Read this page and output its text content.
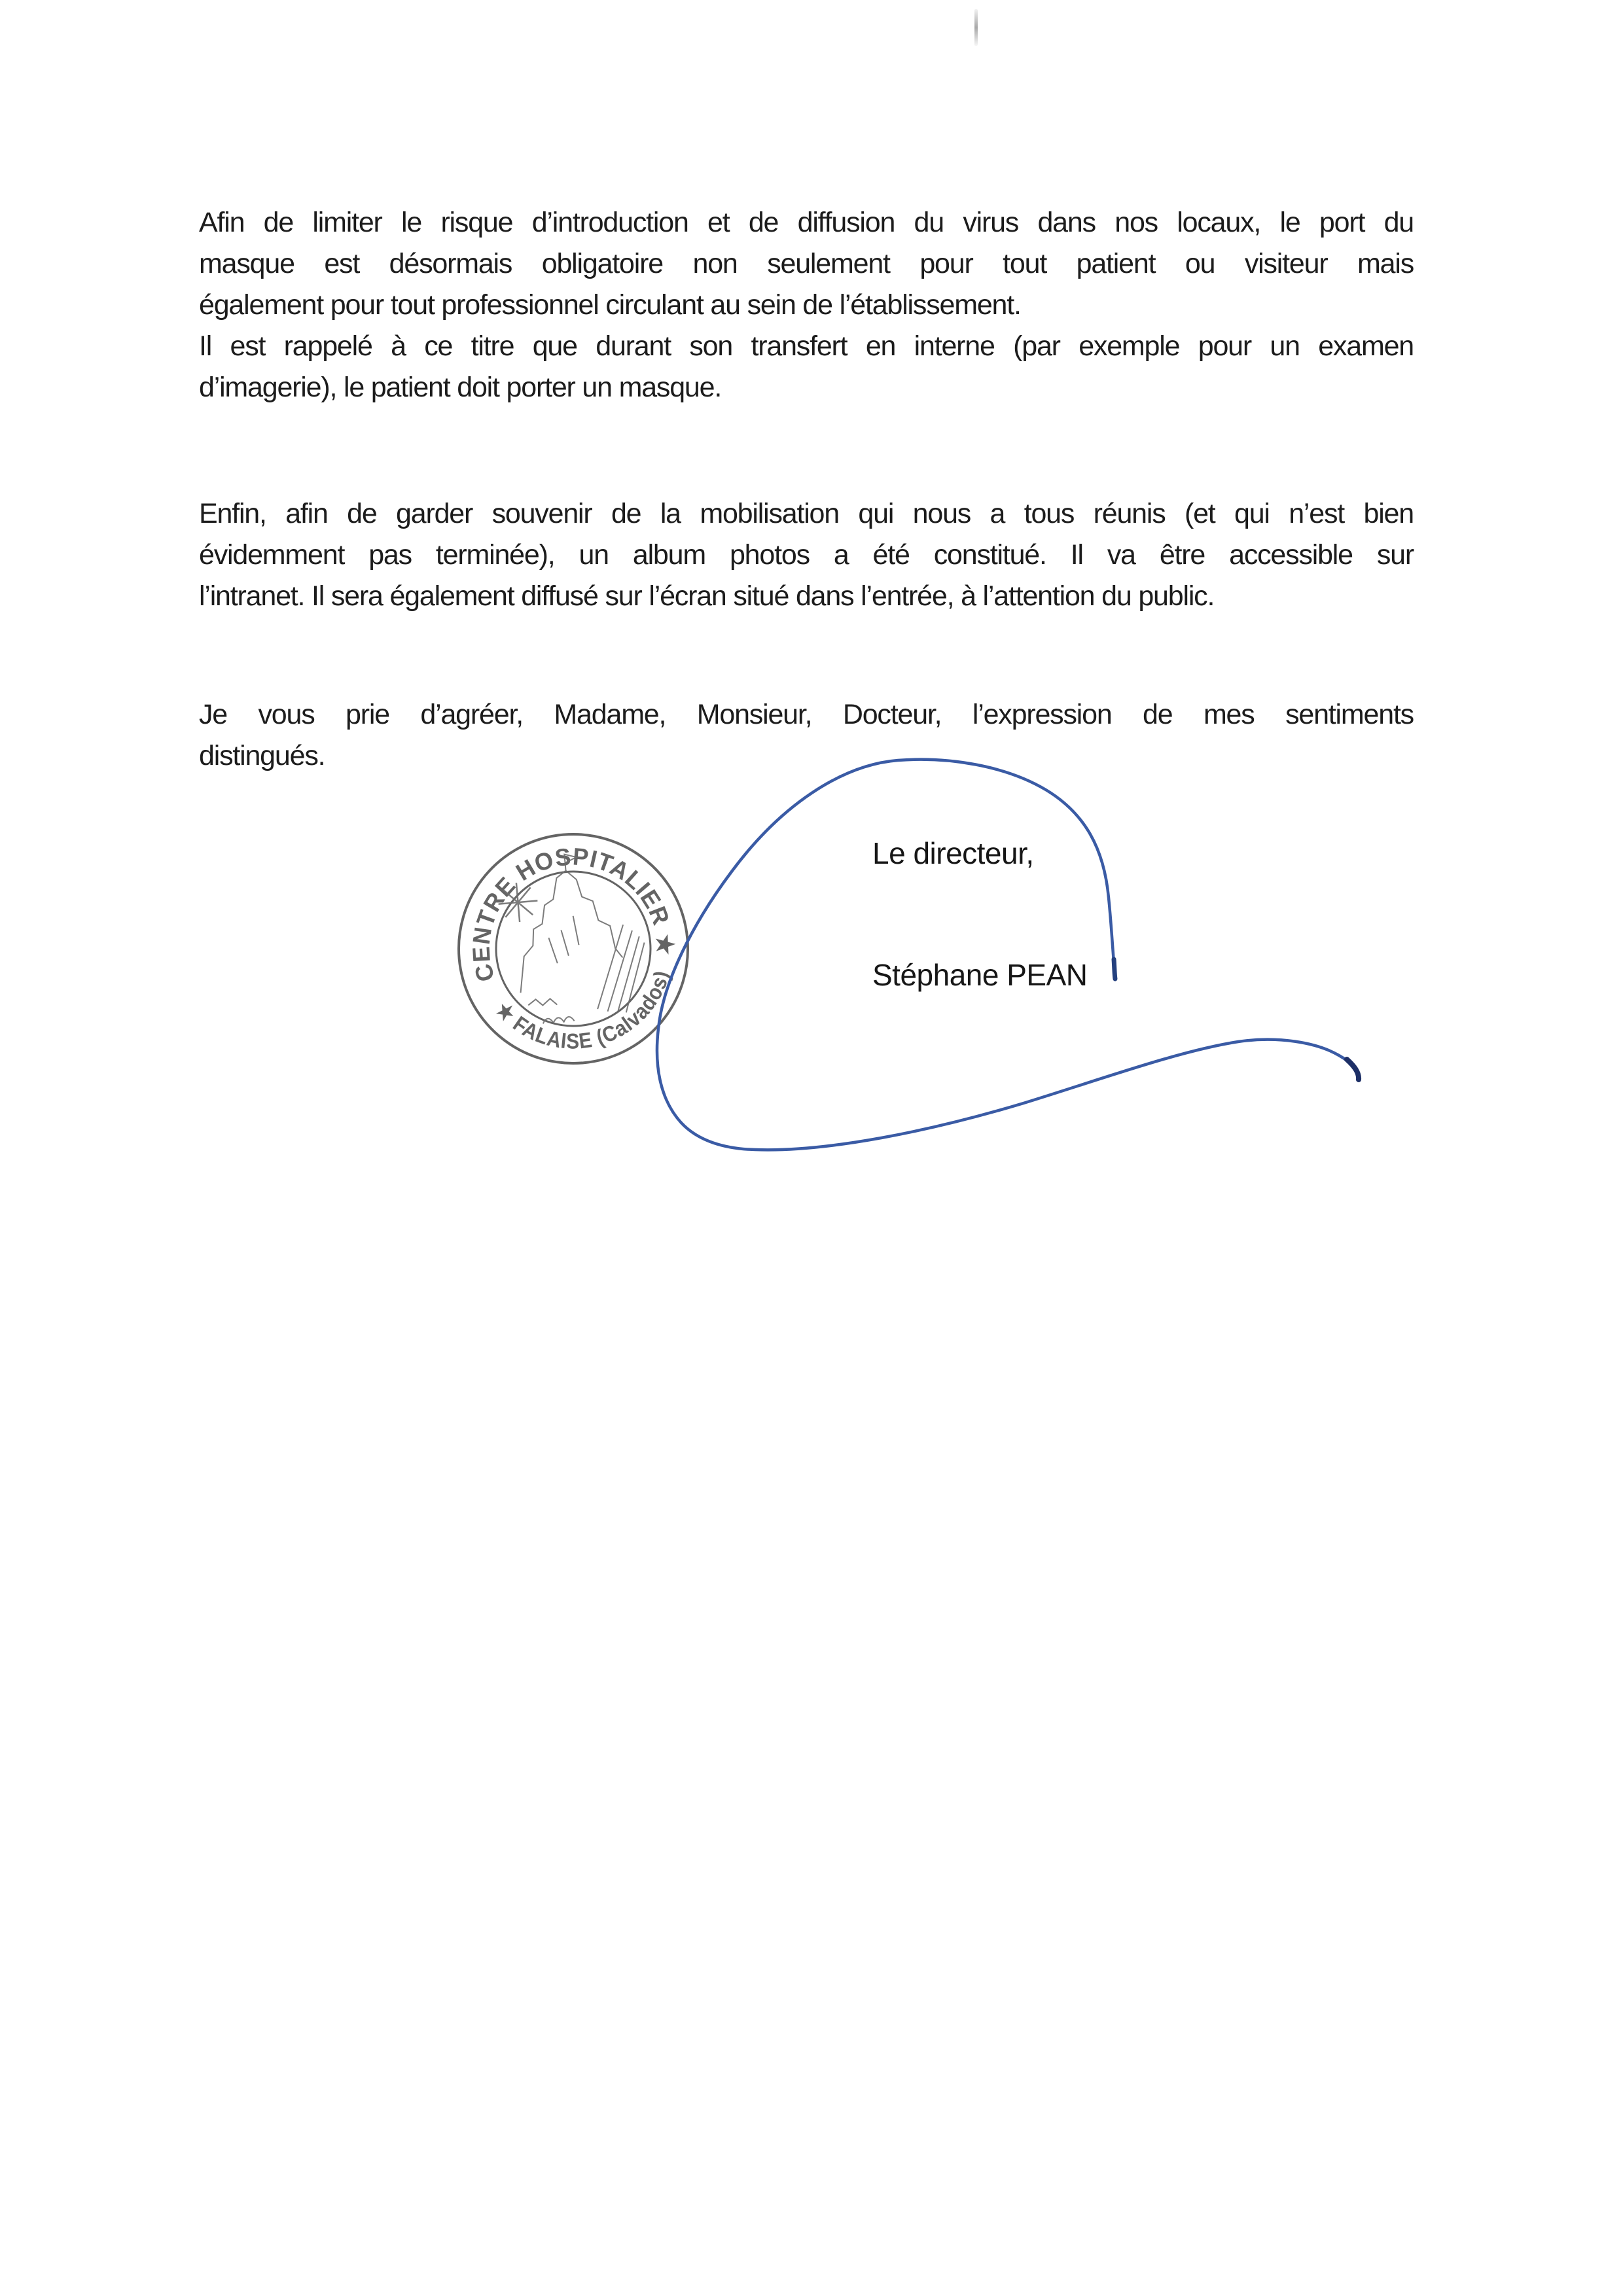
Afin de limiter le risque d’introduction et de diffusion du virus dans nos locaux, le port du
masque est désormais obligatoire non seulement pour tout patient ou visiteur mais
également pour tout professionnel circulant au sein de l’établissement.
Il est rappelé à ce titre que durant son transfert en interne (par exemple pour un examen
d’imagerie), le patient doit porter un masque.
Enfin, afin de garder souvenir de la mobilisation qui nous a tous réunis (et qui n’est bien
évidemment pas terminée), un album photos a été constitué. Il va être accessible sur
l’intranet. Il sera également diffusé sur l’écran situé dans l’entrée, à l’attention du public.
Je vous prie d’agréer, Madame, Monsieur, Docteur, l’expression de mes sentiments
distingués.
Le directeur,
Stéphane PEAN
CENTRE HOSPITALIER ★
★ FALAISE (Calvados)
